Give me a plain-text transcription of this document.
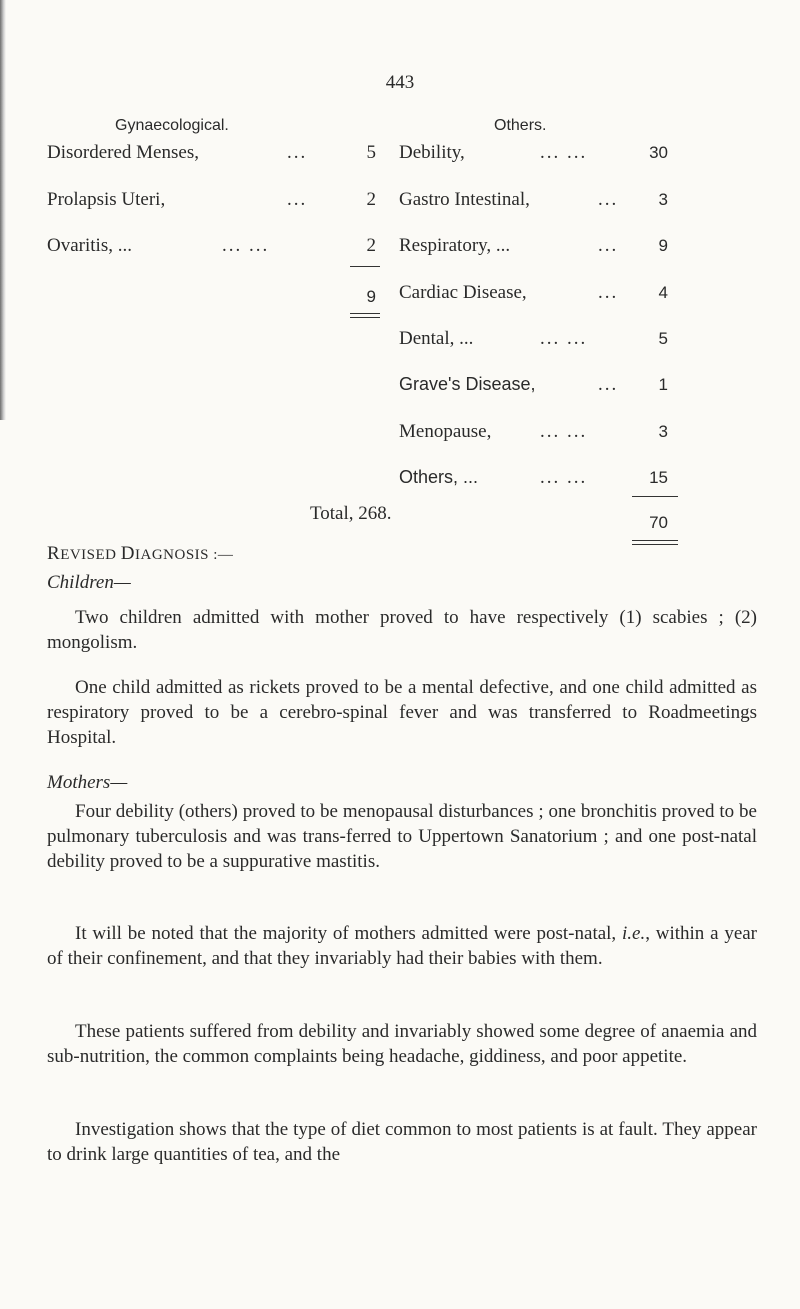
443
Gynaecological.	Others.
Disordered Menses,	...	5
Prolapsis Uteri,	...	2
Ovaritis, ...	... ...	2
9
Debility,	... ...	30
Gastro Intestinal,	...	3
Respiratory, ...	...	9
Cardiac Disease,	...	4
Dental, ...	... ...	5
Grave's Disease,	...	1
Menopause,	... ...	3
Others, ...	... ...	15
70
Total, 268.
REVISED DIAGNOSIS :—
Children—

Two children admitted with mother proved to have respectively (1) scabies ; (2) mongolism.

One child admitted as rickets proved to be a mental defective, and one child admitted as respiratory proved to be a cerebro-spinal fever and was transferred to Roadmeetings Hospital.

Mothers—

Four debility (others) proved to be menopausal disturbances ; one bronchitis proved to be pulmonary tuberculosis and was trans-ferred to Uppertown Sanatorium ; and one post-natal debility proved to be a suppurative mastitis.

It will be noted that the majority of mothers admitted were post-natal, i.e., within a year of their confinement, and that they invariably had their babies with them.

These patients suffered from debility and invariably showed some degree of anaemia and sub-nutrition, the common complaints being headache, giddiness, and poor appetite.

Investigation shows that the type of diet common to most patients is at fault. They appear to drink large quantities of tea, and the
